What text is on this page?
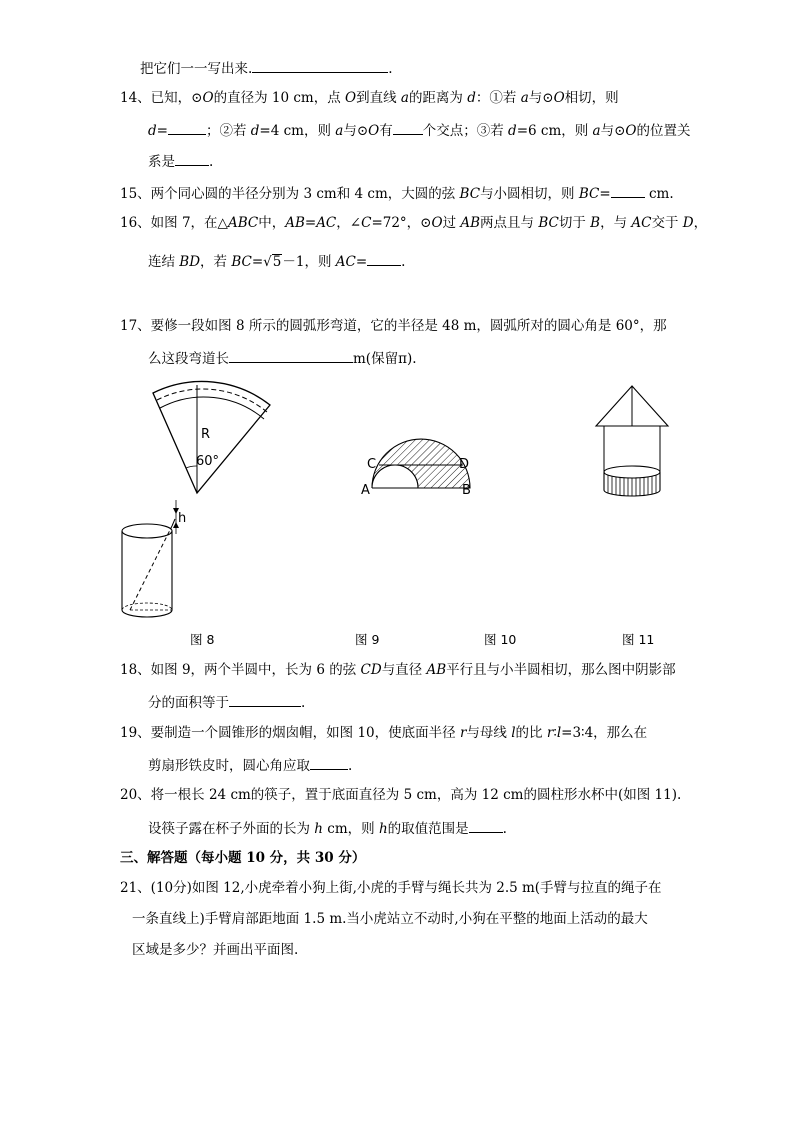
把它们一一写出来.	.
14、已知，⊙O的直径为 10 cm，点 O到直线 a的距离为 d：①若 a与⊙O相切，则
d=	；②若 d=4 cm，则 a与⊙O有 个交点；③若 d=6 cm，则 a与⊙O的位置关
系是	.
15、两个同心圆的半径分别为 3 cm和 4 cm，大圆的弦 BC与小圆相切，则 BC=	cm.
16、如图 7，在△ABC中，AB=AC，∠C=72°，⊙O过 AB两点且与 BC切于 B，与 AC交于 D，
连结 BD，若 BC=√5－1，则 AC=	.
17、要修一段如图 8 所示的圆弧形弯道，它的半径是 48 m，圆弧所对的圆心角是 60°，那
么这段弯道长	m(保留π).
R
60°
h
C	D
A	B
图 8	图 9	图 10	图 11
18、如图 9，两个半圆中，长为 6 的弦 CD与直径 AB平行且与小半圆相切，那么图中阴影部
分的面积等于	.
19、要制造一个圆锥形的烟囱帽，如图 10，使底面半径 r与母线 l的比 r∶l=3∶4，那么在
剪扇形铁皮时，圆心角应取	.
20、将一根长 24 cm的筷子，置于底面直径为 5 cm，高为 12 cm的圆柱形水杯中(如图 11).
设筷子露在杯子外面的长为 h cm，则 h的取值范围是	.
三、解答题（每小题 10 分，共 30 分）
21、(10分)如图 12,小虎牵着小狗上街,小虎的手臂与绳长共为 2.5 m(手臂与拉直的绳子在
一条直线上)手臂肩部距地面 1.5 m.当小虎站立不动时,小狗在平整的地面上活动的最大
区域是多少？并画出平面图.
